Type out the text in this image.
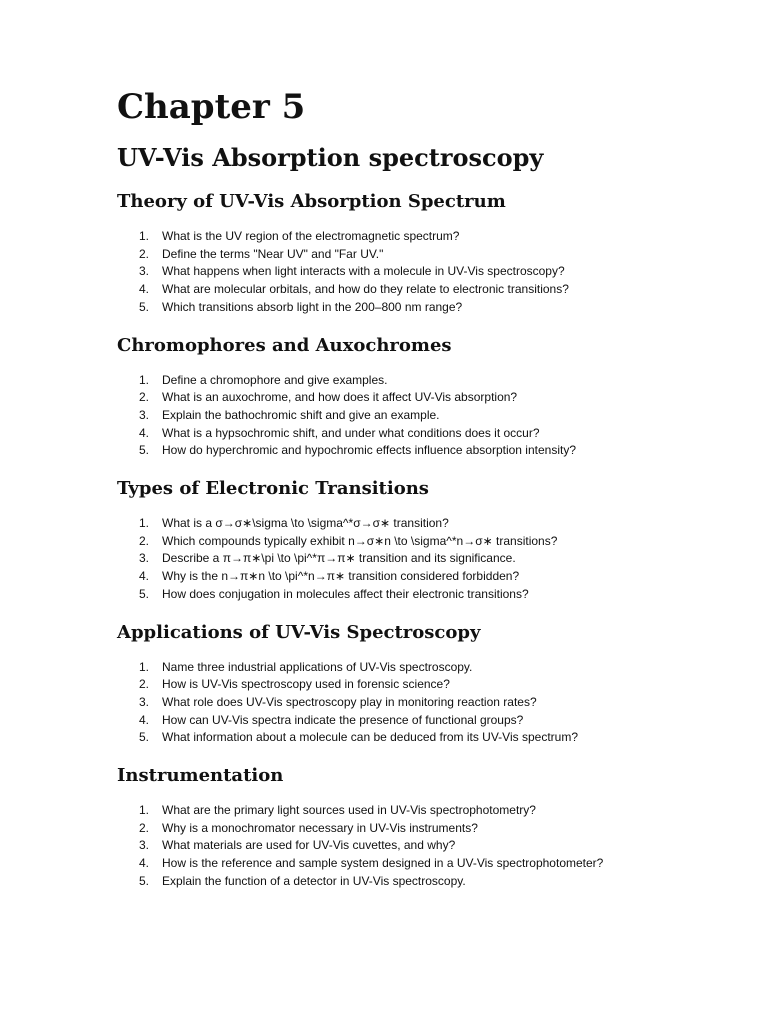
Chapter 5
UV-Vis Absorption spectroscopy
Theory of UV-Vis Absorption Spectrum
1. What is the UV region of the electromagnetic spectrum?
2. Define the terms "Near UV" and "Far UV."
3. What happens when light interacts with a molecule in UV-Vis spectroscopy?
4. What are molecular orbitals, and how do they relate to electronic transitions?
5. Which transitions absorb light in the 200–800 nm range?
Chromophores and Auxochromes
1. Define a chromophore and give examples.
2. What is an auxochrome, and how does it affect UV-Vis absorption?
3. Explain the bathochromic shift and give an example.
4. What is a hypsochromic shift, and under what conditions does it occur?
5. How do hyperchromic and hypochromic effects influence absorption intensity?
Types of Electronic Transitions
1. What is a σ→σ∗\sigma \to \sigma^*σ→σ∗ transition?
2. Which compounds typically exhibit n→σ∗n \to \sigma^*n→σ∗ transitions?
3. Describe a π→π∗\pi \to \pi^*π→π∗ transition and its significance.
4. Why is the n→π∗n \to \pi^*n→π∗ transition considered forbidden?
5. How does conjugation in molecules affect their electronic transitions?
Applications of UV-Vis Spectroscopy
1. Name three industrial applications of UV-Vis spectroscopy.
2. How is UV-Vis spectroscopy used in forensic science?
3. What role does UV-Vis spectroscopy play in monitoring reaction rates?
4. How can UV-Vis spectra indicate the presence of functional groups?
5. What information about a molecule can be deduced from its UV-Vis spectrum?
Instrumentation
1. What are the primary light sources used in UV-Vis spectrophotometry?
2. Why is a monochromator necessary in UV-Vis instruments?
3. What materials are used for UV-Vis cuvettes, and why?
4. How is the reference and sample system designed in a UV-Vis spectrophotometer?
5. Explain the function of a detector in UV-Vis spectroscopy.
